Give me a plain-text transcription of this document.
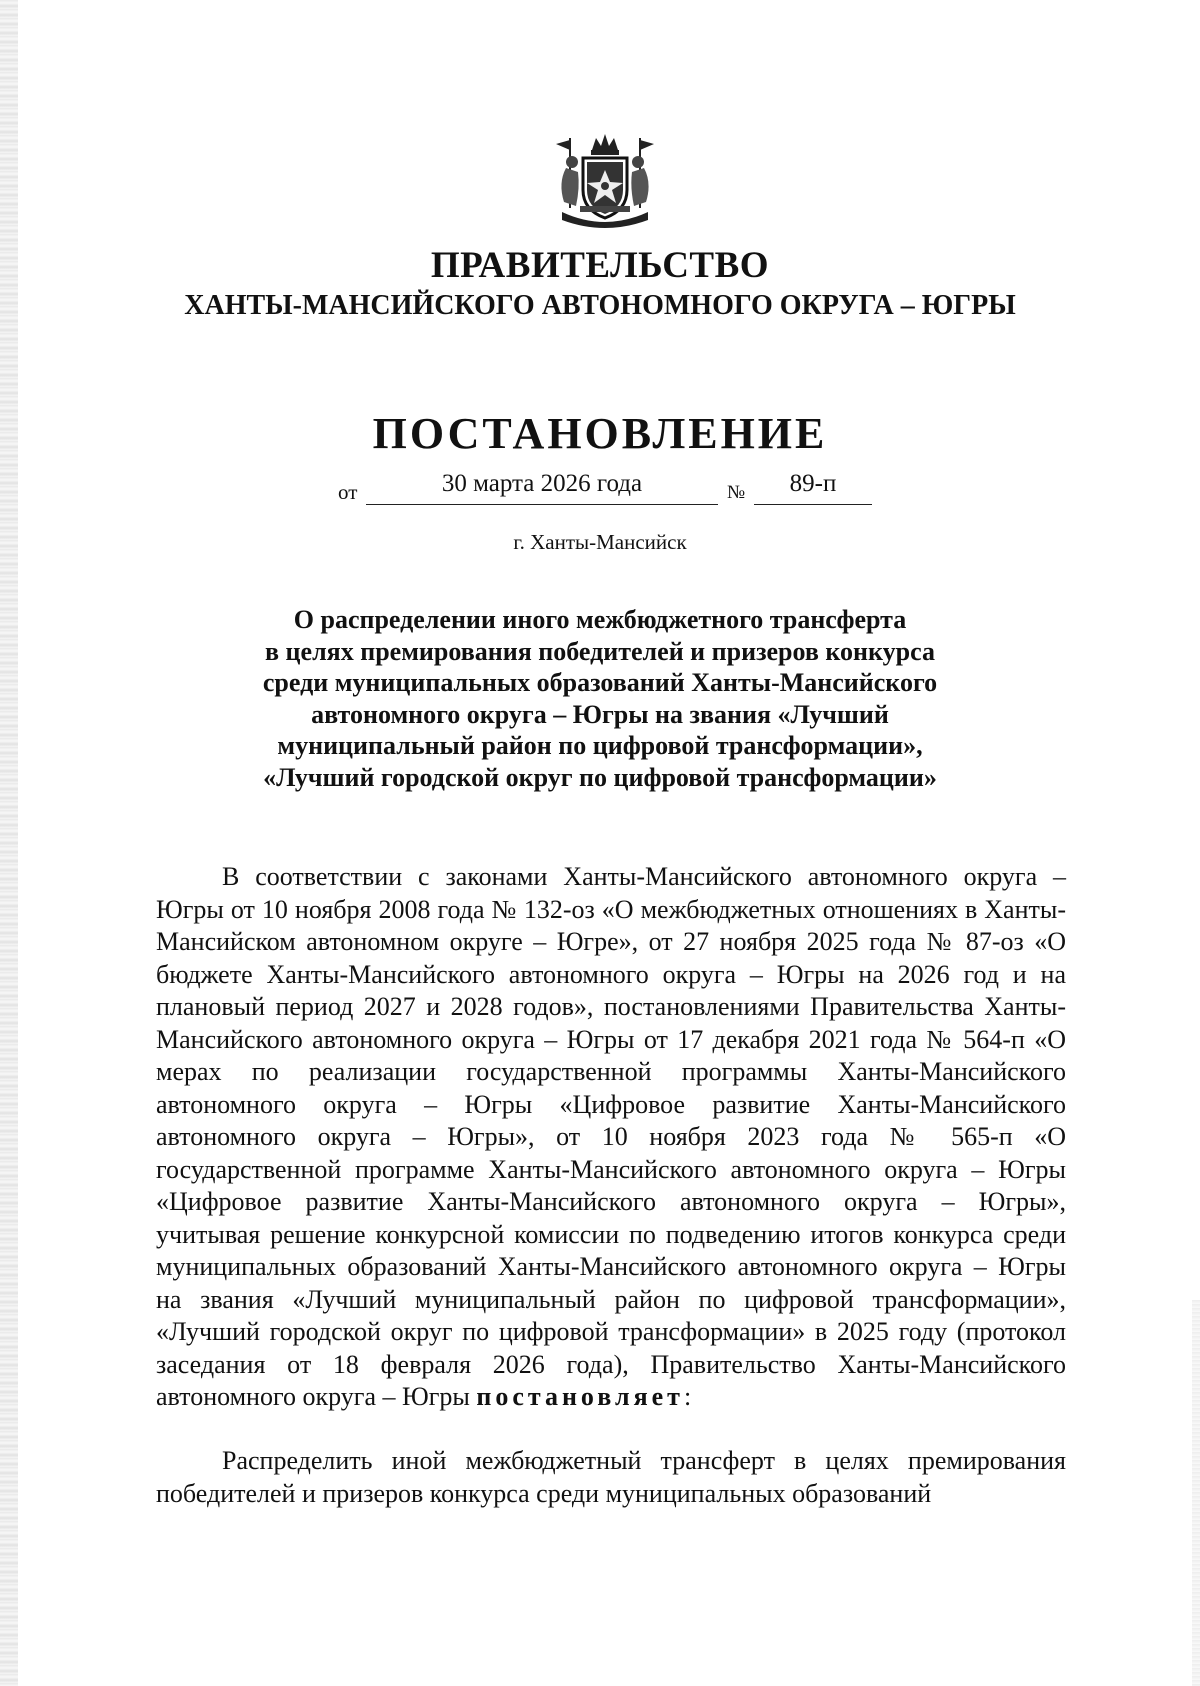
ПРАВИТЕЛЬСТВО
ХАНТЫ-МАНСИЙСКОГО АВТОНОМНОГО ОКРУГА – ЮГРЫ
ПОСТАНОВЛЕНИЕ
от	30 марта 2026 года	№	89-п
г. Ханты-Мансийск
О распределении иного межбюджетного трансферта
в целях премирования победителей и призеров конкурса
среди муниципальных образований Ханты-Мансийского
автономного округа – Югры на звания «Лучший
муниципальный район по цифровой трансформации»,
«Лучший городской округ по цифровой трансформации»
В соответствии с законами Ханты-Мансийского автономного округа – Югры от 10 ноября 2008 года № 132-оз «О межбюджетных отношениях в Ханты-Мансийском автономном округе – Югре», от 27 ноября 2025 года № 87-оз «О бюджете Ханты-Мансийского автономного округа – Югры на 2026 год и на плановый период 2027 и 2028 годов», постановлениями Правительства Ханты-Мансийского автономного округа – Югры от 17 декабря 2021 года № 564-п «О мерах по реализации государственной программы Ханты-Мансийского автономного округа – Югры «Цифровое развитие Ханты-Мансийского автономного округа – Югры», от 10 ноября 2023 года № 565-п «О государственной программе Ханты-Мансийского автономного округа – Югры «Цифровое развитие Ханты-Мансийского автономного округа – Югры», учитывая решение конкурсной комиссии по подведению итогов конкурса среди муниципальных образований Ханты-Мансийского автономного округа – Югры на звания «Лучший муниципальный район по цифровой трансформации», «Лучший городской округ по цифровой трансформации» в 2025 году (протокол заседания от 18 февраля 2026 года), Правительство Ханты-Мансийского автономного округа – Югры постановляет:
Распределить иной межбюджетный трансферт в целях премирования победителей и призеров конкурса среди муниципальных образований
